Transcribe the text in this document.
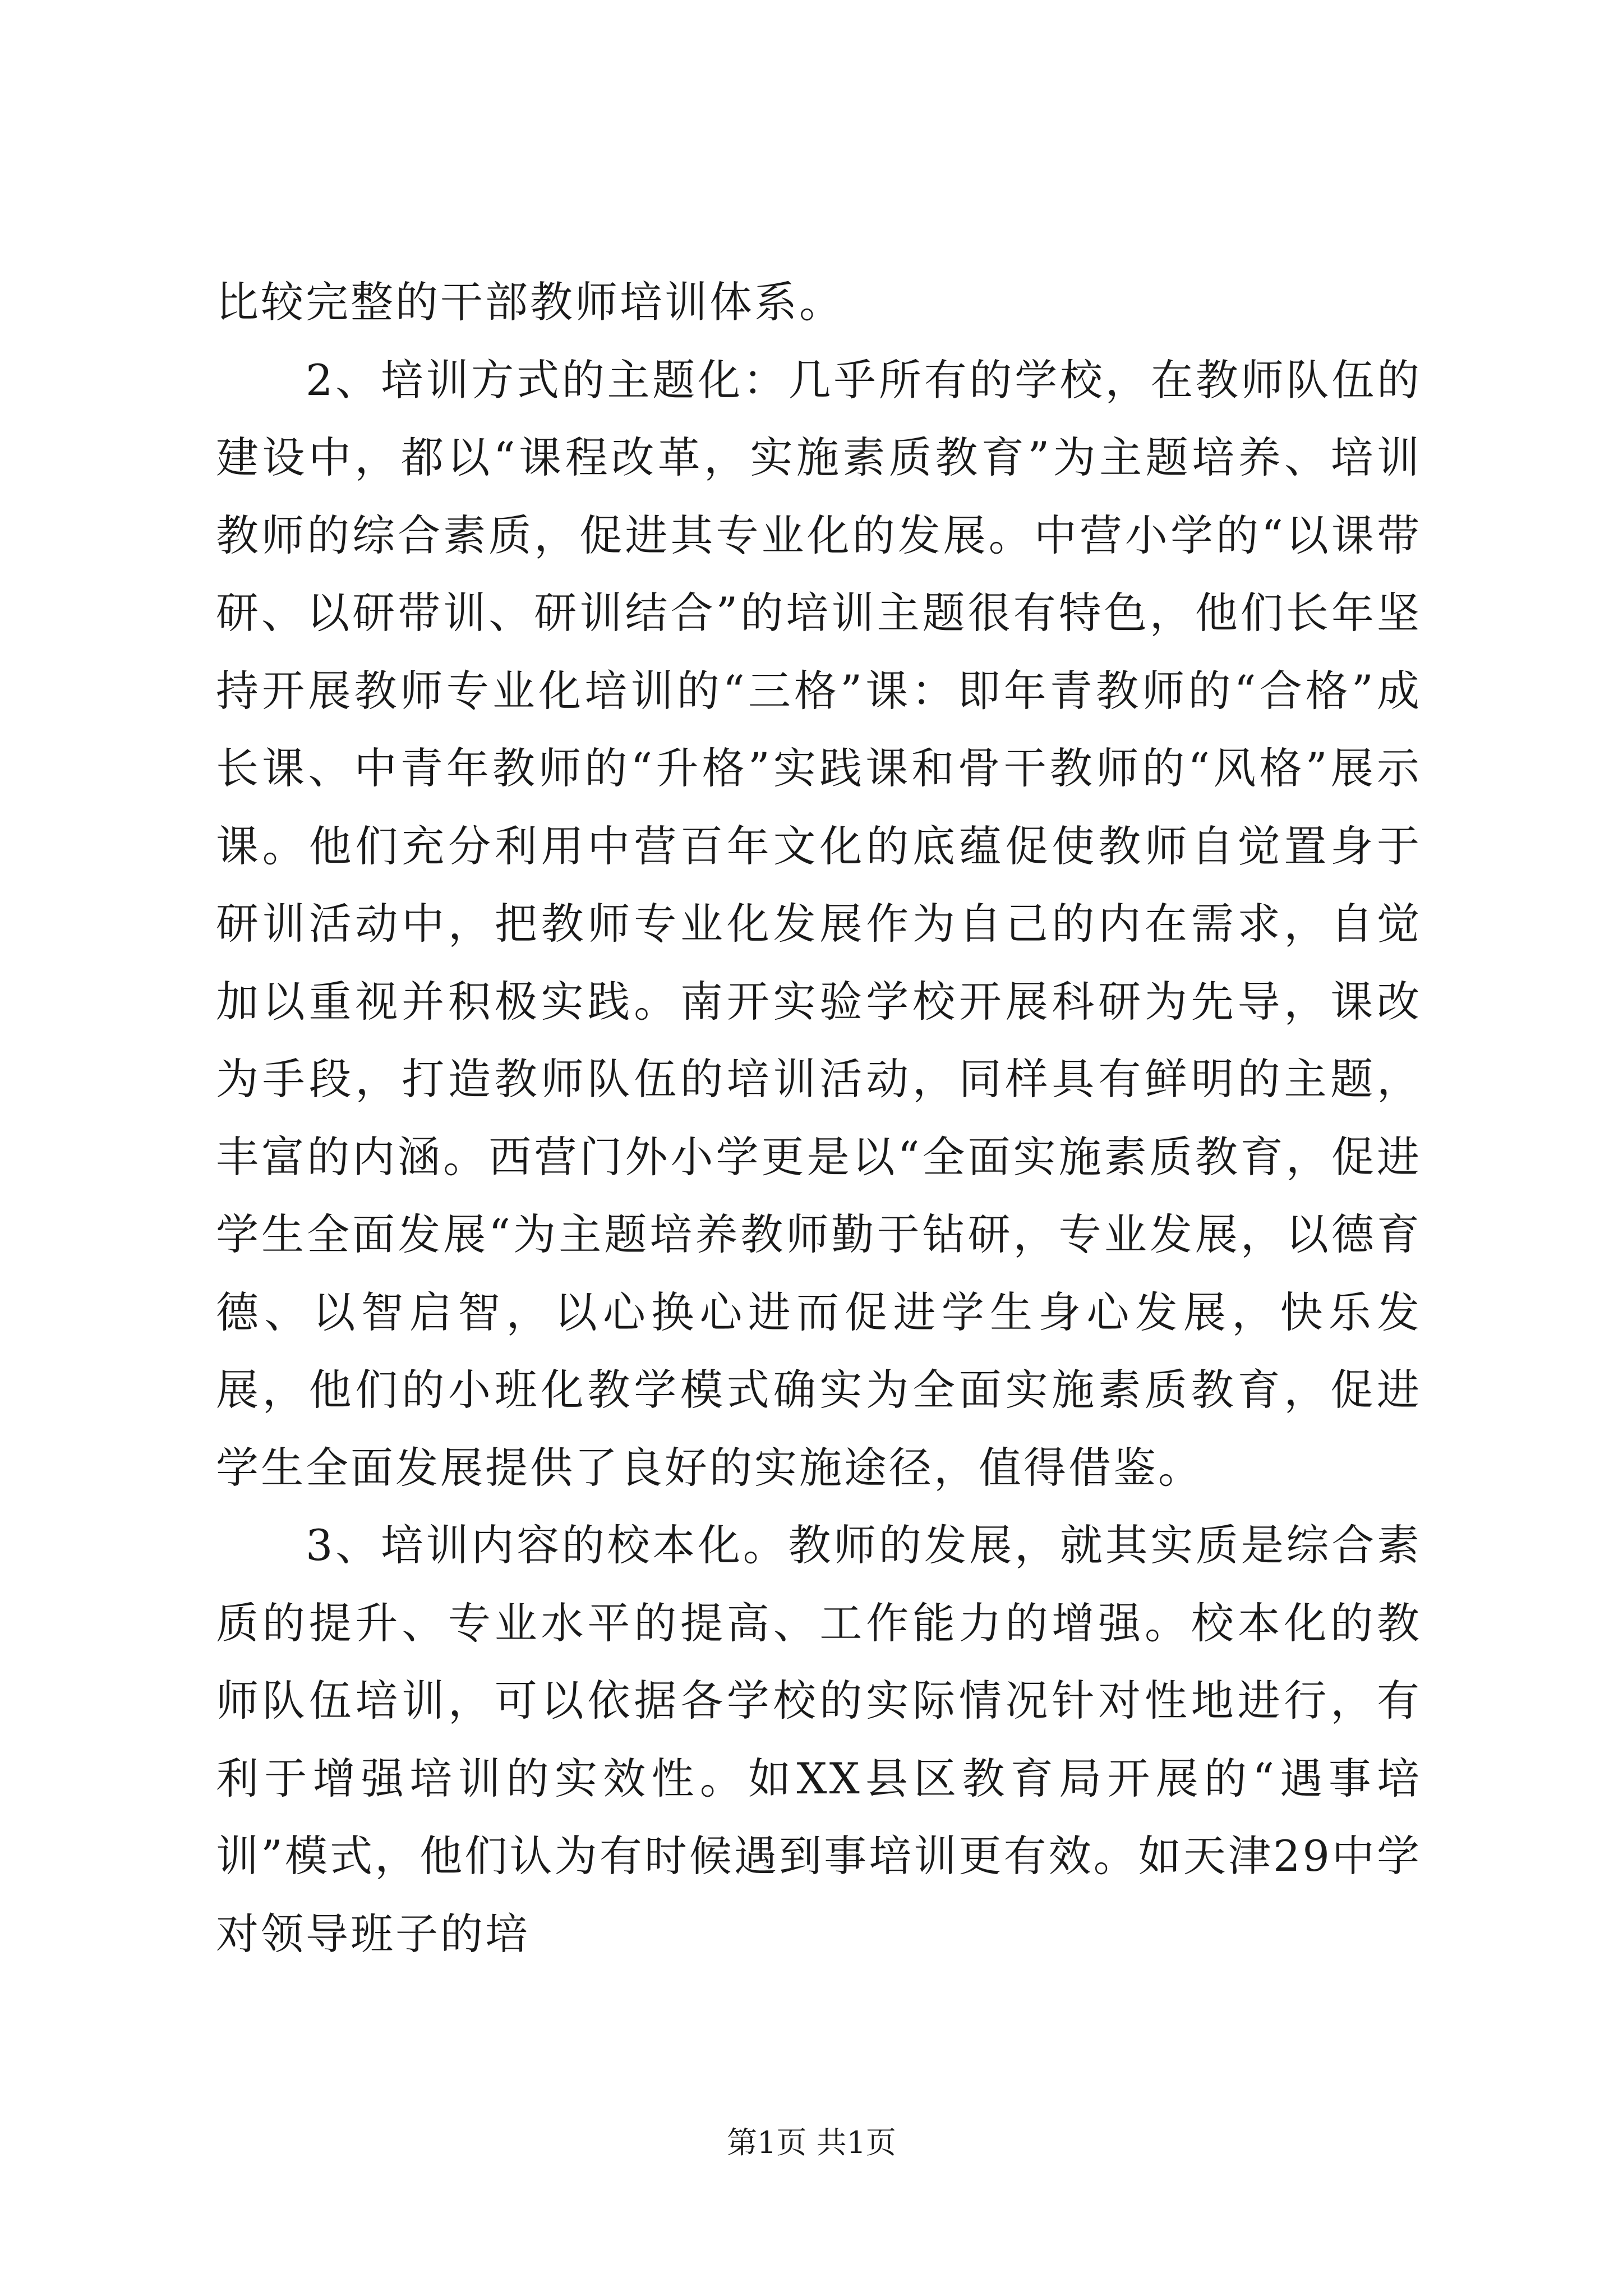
比较完整的干部教师培训体系。

2、培训方式的主题化：几乎所有的学校，在教师队伍的建设中，都以“课程改革，实施素质教育”为主题培养、培训教师的综合素质，促进其专业化的发展。中营小学的“以课带研、以研带训、研训结合”的培训主题很有特色，他们长年坚持开展教师专业化培训的“三格”课：即年青教师的“合格”成长课、中青年教师的“升格”实践课和骨干教师的“风格”展示课。他们充分利用中营百年文化的底蕴促使教师自觉置身于研训活动中，把教师专业化发展作为自己的内在需求，自觉加以重视并积极实践。南开实验学校开展科研为先导，课改为手段，打造教师队伍的培训活动，同样具有鲜明的主题，丰富的内涵。西营门外小学更是以“全面实施素质教育，促进学生全面发展“为主题培养教师勤于钻研，专业发展，以德育德、以智启智，以心换心进而促进学生身心发展，快乐发展，他们的小班化教学模式确实为全面实施素质教育，促进学生全面发展提供了良好的实施途径，值得借鉴。

3、培训内容的校本化。教师的发展，就其实质是综合素质的提升、专业水平的提高、工作能力的增强。校本化的教师队伍培训，可以依据各学校的实际情况针对性地进行，有利于增强培训的实效性。如XX县区教育局开展的“遇事培训”模式，他们认为有时候遇到事培训更有效。如天津29中学对领导班子的培

第1页 共1页
